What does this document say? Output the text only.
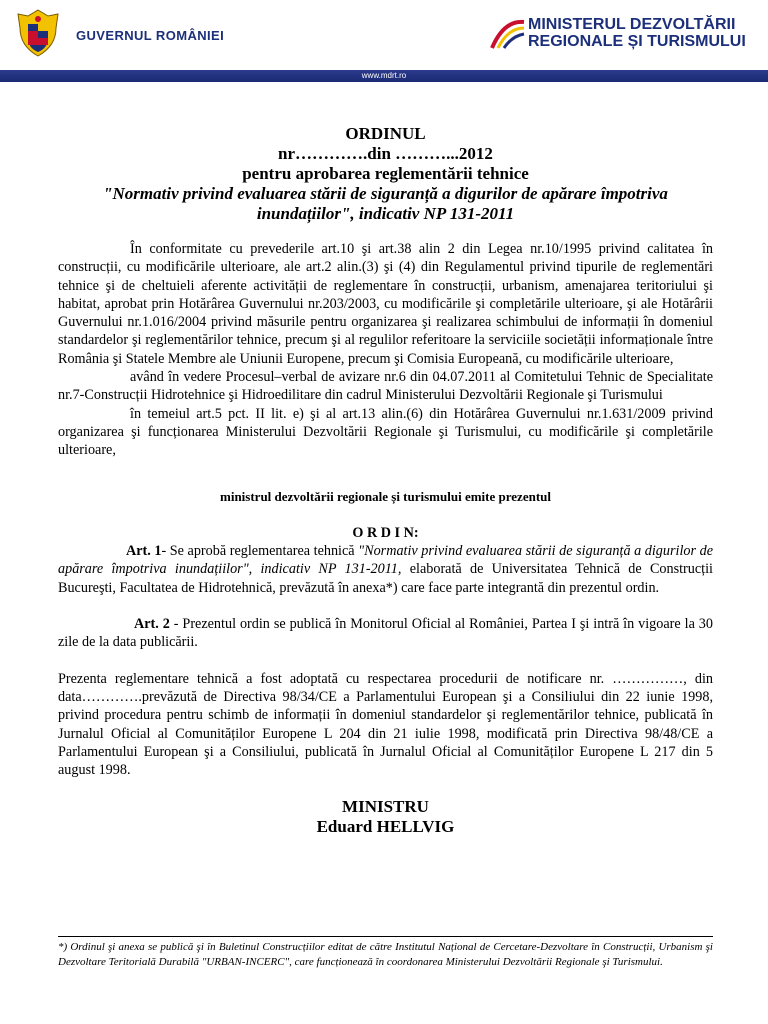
GUVERNUL ROMÂNIEI
MINISTERUL DEZVOLTĂRII
REGIONALE ȘI TURISMULUI
www.mdrt.ro
ORDINUL
nr………….din ………...2012
pentru aprobarea reglementării tehnice
"Normativ privind evaluarea stării de siguranță a digurilor de apărare împotriva inundațiilor", indicativ NP 131-2011

În conformitate cu prevederile art.10 şi art.38 alin 2 din Legea nr.10/1995 privind calitatea în construcții, cu modificările ulterioare, ale art.2 alin.(3) şi (4) din Regulamentul privind tipurile de reglementări tehnice şi de cheltuieli aferente activității de reglementare în construcții, urbanism, amenajarea teritoriului şi habitat, aprobat prin Hotărârea Guvernului nr.203/2003, cu modificările şi completările ulterioare, şi ale Hotărârii Guvernului nr.1.016/2004 privind măsurile pentru organizarea şi realizarea schimbului de informații în domeniul standardelor şi reglementărilor tehnice, precum şi al regulilor referitoare la serviciile societății informaționale între România şi Statele Membre ale Uniunii Europene, precum şi Comisia Europeană, cu modificările ulterioare,

având în vedere Procesul–verbal de avizare nr.6 din 04.07.2011 al Comitetului Tehnic de Specialitate nr.7-Construcții Hidrotehnice şi Hidroedilitare din cadrul Ministerului Dezvoltării Regionale şi Turismului

în temeiul art.5 pct. II lit. e) şi al art.13 alin.(6) din Hotărârea Guvernului nr.1.631/2009 privind organizarea şi funcționarea Ministerului Dezvoltării Regionale şi Turismului, cu modificările şi completările ulterioare,

ministrul dezvoltării regionale și turismului emite prezentul
O R D I N:

Art. 1- Se aprobă reglementarea tehnică "Normativ privind evaluarea stării de siguranță a digurilor de apărare împotriva inundațiilor", indicativ NP 131-2011, elaborată de Universitatea Tehnică de Construcții Bucureşti, Facultatea de Hidrotehnică, prevăzută în anexa*) care face parte integrantă din prezentul ordin.

Art. 2 - Prezentul ordin se publică în Monitorul Oficial al României, Partea I şi intră în vigoare la 30 zile de la data publicării.

Prezenta reglementare tehnică a fost adoptată cu respectarea procedurii de notificare nr. ……………, din data………….prevăzută de Directiva 98/34/CE a Parlamentului European şi a Consiliului din 22 iunie 1998, privind procedura pentru schimb de informații în domeniul standardelor şi reglementărilor tehnice, publicată în Jurnalul Oficial al Comunităților Europene L 204 din 21 iulie 1998, modificată prin Directiva 98/48/CE a Parlamentului European şi a Consiliului, publicată în Jurnalul Oficial al Comunităților Europene L 217 din 5 august 1998.

MINISTRU
Eduard HELLVIG
*) Ordinul şi anexa se publică şi în Buletinul Construcțiilor editat de către Institutul Național de Cercetare-Dezvoltare în Construcții, Urbanism şi Dezvoltare Teritorială Durabilă "URBAN-INCERC", care funcționează în coordonarea Ministerului Dezvoltării Regionale şi Turismului.
